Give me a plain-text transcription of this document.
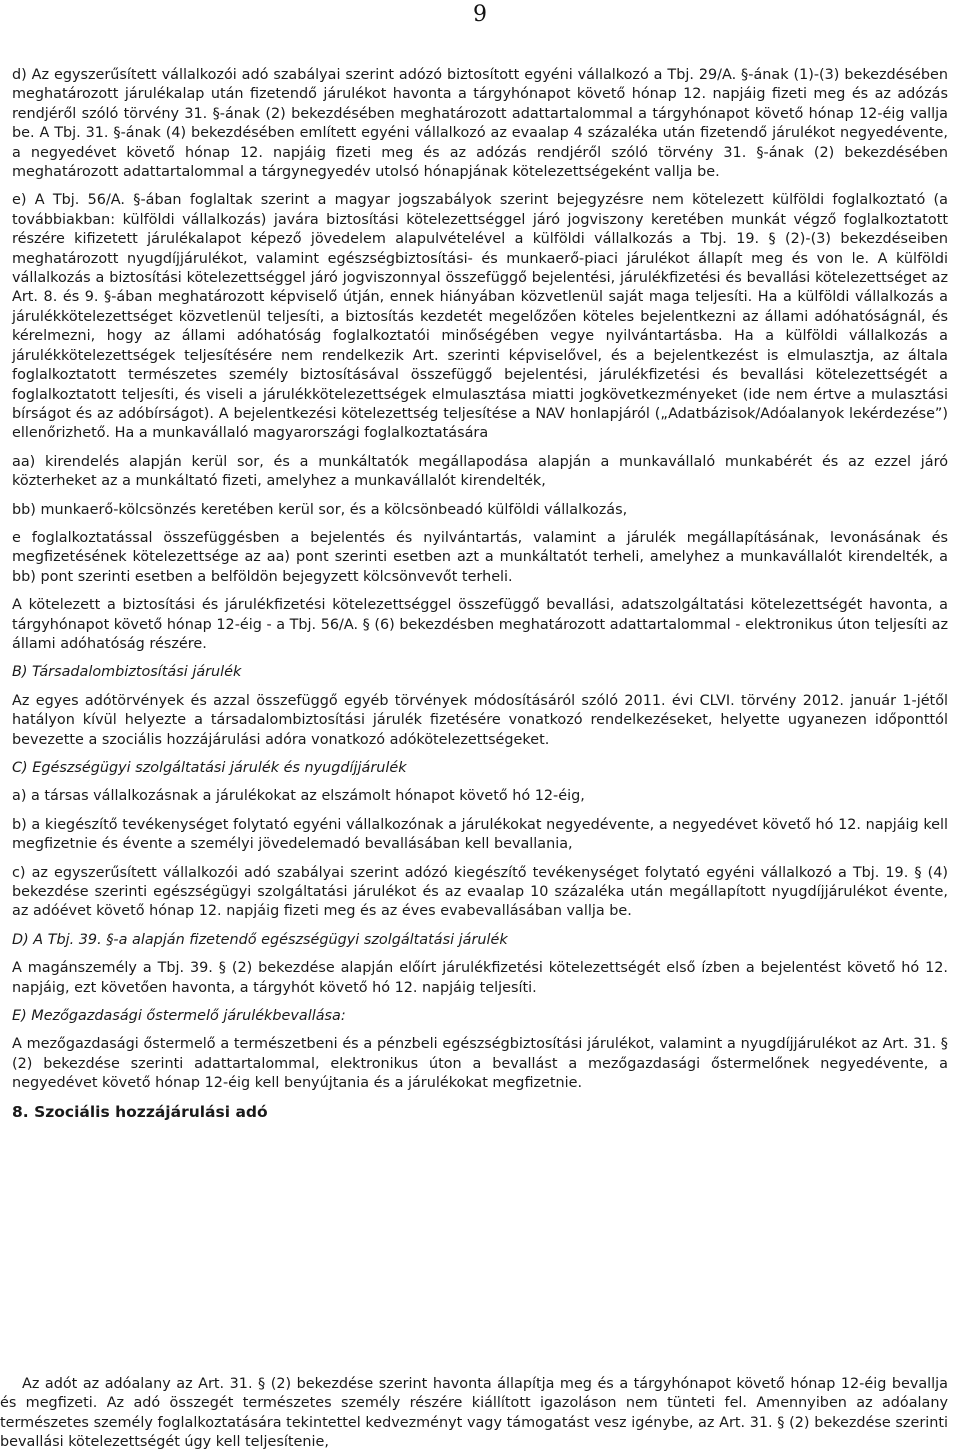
9

d) Az egyszerűsített vállalkozói adó szabályai szerint adózó biztosított egyéni vállalkozó a Tbj. 29/A. §-ának (1)-(3) bekezdésében meghatározott járulékalap után fizetendő járulékot havonta a tárgyhónapot követő hónap 12. napjáig fizeti meg és az adózás rendjéről szóló törvény 31. §-ának (2) bekezdésében meghatározott adattartalommal a tárgyhónapot követő hónap 12-éig vallja be. A Tbj. 31. §-ának (4) bekezdésében említett egyéni vállalkozó az evaalap 4 százaléka után fizetendő járulékot negyedévente, a negyedévet követő hónap 12. napjáig fizeti meg és az adózás rendjéről szóló törvény 31. §-ának (2) bekezdésében meghatározott adattartalommal a tárgynegyedév utolsó hónapjának kötelezettségeként vallja be.

e) A Tbj. 56/A. §-ában foglaltak szerint a magyar jogszabályok szerint bejegyzésre nem kötelezett külföldi foglalkoztató (a továbbiakban: külföldi vállalkozás) javára biztosítási kötelezettséggel járó jogviszony keretében munkát végző foglalkoztatott részére kifizetett járulékalapot képező jövedelem alapulvételével a külföldi vállalkozás a Tbj. 19. § (2)-(3) bekezdéseiben meghatározott nyugdíjjárulékot, valamint egészségbiztosítási- és munkaerő-piaci járulékot állapít meg és von le. A külföldi vállalkozás a biztosítási kötelezettséggel járó jogviszonnyal összefüggő bejelentési, járulékfizetési és bevallási kötelezettséget az Art. 8. és 9. §-ában meghatározott képviselő útján, ennek hiányában közvetlenül saját maga teljesíti. Ha a külföldi vállalkozás a járulékkötelezettséget közvetlenül teljesíti, a biztosítás kezdetét megelőzően köteles bejelentkezni az állami adóhatóságnál, és kérelmezni, hogy az állami adóhatóság foglalkoztatói minőségében vegye nyilvántartásba. Ha a külföldi vállalkozás a járulékkötelezettségek teljesítésére nem rendelkezik Art. szerinti képviselővel, és a bejelentkezést is elmulasztja, az általa foglalkoztatott természetes személy biztosításával összefüggő bejelentési, járulékfizetési és bevallási kötelezettségét a foglalkoztatott teljesíti, és viseli a járulékkötelezettségek elmulasztása miatti jogkövetkezményeket (ide nem értve a mulasztási bírságot és az adóbírságot). A bejelentkezési kötelezettség teljesítése a NAV honlapjáról („Adatbázisok/Adóalanyok lekérdezése”) ellenőrizhető. Ha a munkavállaló magyarországi foglalkoztatására

aa) kirendelés alapján kerül sor, és a munkáltatók megállapodása alapján a munkavállaló munkabérét és az ezzel járó közterheket az a munkáltató fizeti, amelyhez a munkavállalót kirendelték,

bb) munkaerő-kölcsönzés keretében kerül sor, és a kölcsönbeadó külföldi vállalkozás,

e foglalkoztatással összefüggésben a bejelentés és nyilvántartás, valamint a járulék megállapításának, levonásának és megfizetésének kötelezettsége az aa) pont szerinti esetben azt a munkáltatót terheli, amelyhez a munkavállalót kirendelték, a bb) pont szerinti esetben a belföldön bejegyzett kölcsönvevőt terheli.

A kötelezett a biztosítási és járulékfizetési kötelezettséggel összefüggő bevallási, adatszolgáltatási kötelezettségét havonta, a tárgyhónapot követő hónap 12-éig - a Tbj. 56/A. § (6) bekezdésben meghatározott adattartalommal - elektronikus úton teljesíti az állami adóhatóság részére.

B) Társadalombiztosítási járulék

Az egyes adótörvények és azzal összefüggő egyéb törvények módosításáról szóló 2011. évi CLVI. törvény 2012. január 1-jétől hatályon kívül helyezte a társadalombiztosítási járulék fizetésére vonatkozó rendelkezéseket, helyette ugyanezen időponttól bevezette a szociális hozzájárulási adóra vonatkozó adókötelezettségeket.

C) Egészségügyi szolgáltatási járulék és nyugdíjjárulék

a) a társas vállalkozásnak a járulékokat az elszámolt hónapot követő hó 12-éig,

b) a kiegészítő tevékenységet folytató egyéni vállalkozónak a járulékokat negyedévente, a negyedévet követő hó 12. napjáig kell megfizetnie és évente a személyi jövedelemadó bevallásában kell bevallania,

c) az egyszerűsített vállalkozói adó szabályai szerint adózó kiegészítő tevékenységet folytató egyéni vállalkozó a Tbj. 19. § (4) bekezdése szerinti egészségügyi szolgáltatási járulékot és az evaalap 10 százaléka után megállapított nyugdíjjárulékot évente, az adóévet követő hónap 12. napjáig fizeti meg és az éves evabevallásában vallja be.

D) A Tbj. 39. §-a alapján fizetendő egészségügyi szolgáltatási járulék

A magánszemély a Tbj. 39. § (2) bekezdése alapján előírt járulékfizetési kötelezettségét első ízben a bejelentést követő hó 12. napjáig, ezt követően havonta, a tárgyhót követő hó 12. napjáig teljesíti.

E) Mezőgazdasági őstermelő járulékbevallása:

A mezőgazdasági őstermelő a természetbeni és a pénzbeli egészségbiztosítási járulékot, valamint a nyugdíjjárulékot az Art. 31. § (2) bekezdése szerinti adattartalommal, elektronikus úton a bevallást a mezőgazdasági őstermelőnek negyedévente, a negyedévet követő hónap 12-éig kell benyújtania és a járulékokat megfizetnie.

8. Szociális hozzájárulási adó

Az adót az adóalany az Art. 31. § (2) bekezdése szerint havonta állapítja meg és a tárgyhónapot követő hónap 12-éig bevallja és megfizeti. Az adó összegét természetes személy részére kiállított igazoláson nem tünteti fel. Amennyiben az adóalany természetes személy foglalkoztatására tekintettel kedvezményt vagy támogatást vesz igénybe, az Art. 31. § (2) bekezdése szerinti bevallási kötelezettségét úgy kell teljesítenie,
